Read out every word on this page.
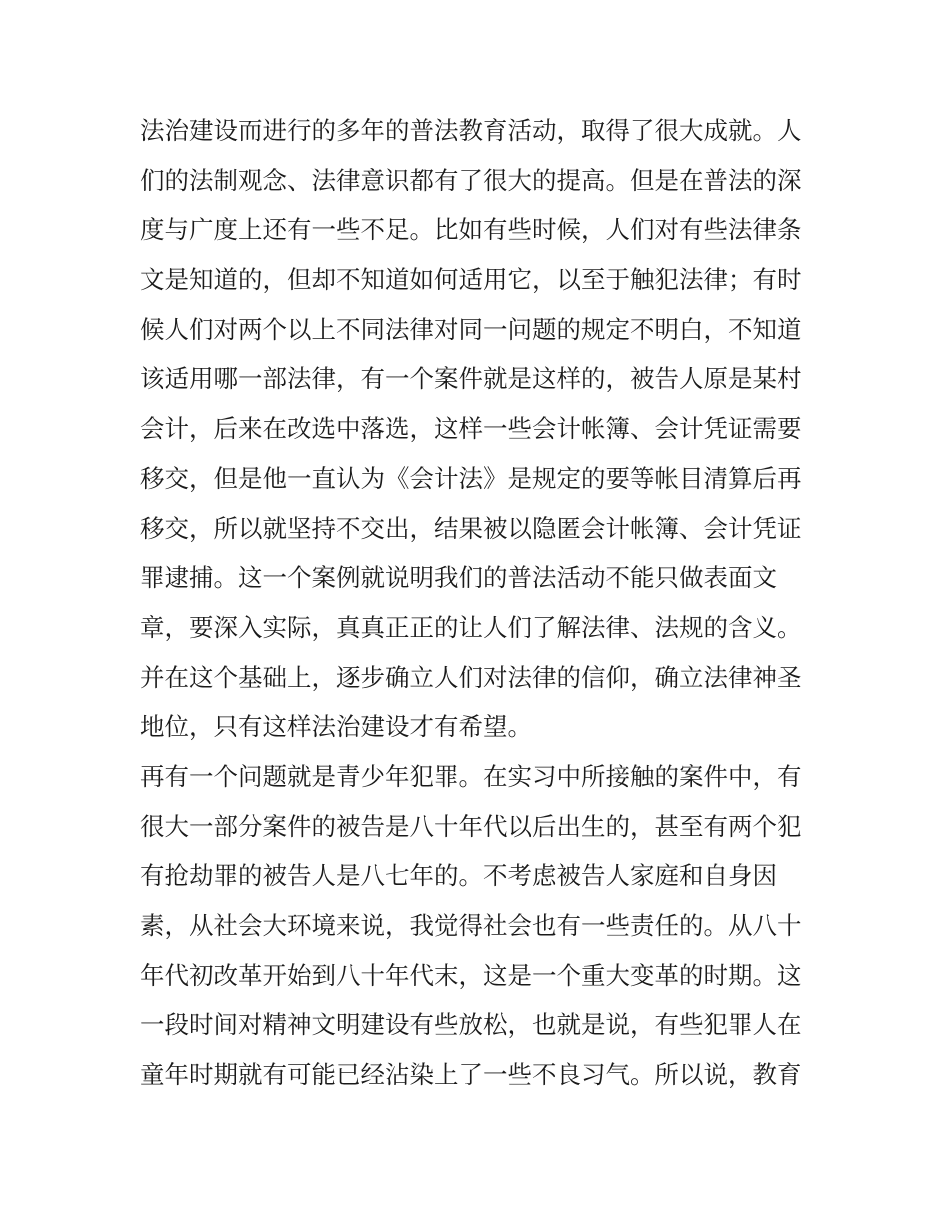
法治建设而进行的多年的普法教育活动，取得了很大成就。人
们的法制观念、法律意识都有了很大的提高。但是在普法的深
度与广度上还有一些不足。比如有些时候，人们对有些法律条
文是知道的，但却不知道如何适用它，以至于触犯法律；有时
候人们对两个以上不同法律对同一问题的规定不明白，不知道
该适用哪一部法律，有一个案件就是这样的，被告人原是某村
会计，后来在改选中落选，这样一些会计帐簿、会计凭证需要
移交，但是他一直认为《会计法》是规定的要等帐目清算后再
移交，所以就坚持不交出，结果被以隐匿会计帐簿、会计凭证
罪逮捕。这一个案例就说明我们的普法活动不能只做表面文
章，要深入实际，真真正正的让人们了解法律、法规的含义。
并在这个基础上，逐步确立人们对法律的信仰，确立法律神圣
地位，只有这样法治建设才有希望。
再有一个问题就是青少年犯罪。在实习中所接触的案件中，有
很大一部分案件的被告是八十年代以后出生的，甚至有两个犯
有抢劫罪的被告人是八七年的。不考虑被告人家庭和自身因
素，从社会大环境来说，我觉得社会也有一些责任的。从八十
年代初改革开始到八十年代末，这是一个重大变革的时期。这
一段时间对精神文明建设有些放松，也就是说，有些犯罪人在
童年时期就有可能已经沾染上了一些不良习气。所以说，教育
